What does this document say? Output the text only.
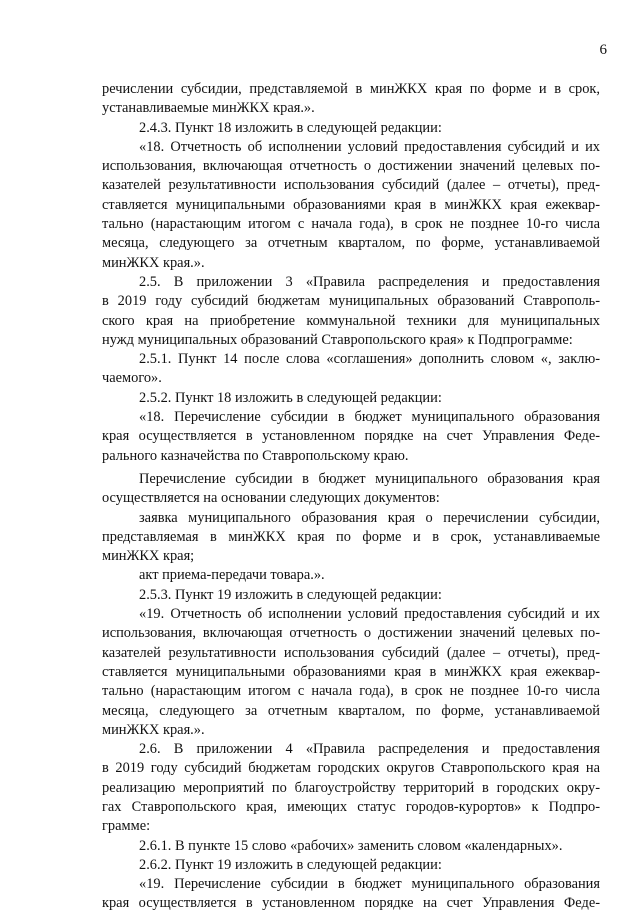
6
речислении субсидии, представляемой в минЖКХ края по форме и в срок,
устанавливаемые минЖКХ края.».
2.4.3. Пункт 18 изложить в следующей редакции:
«18. Отчетность об исполнении условий предоставления субсидий и их
использования, включающая отчетность о достижении значений целевых по-
казателей результативности использования субсидий (далее – отчеты), пред-
ставляется муниципальными образованиями края в минЖКХ края ежеквар-
тально (нарастающим итогом с начала года), в срок не позднее 10-го числа
месяца, следующего за отчетным кварталом, по форме, устанавливаемой
минЖКХ края.».
2.5. В приложении 3 «Правила распределения и предоставления
в 2019 году субсидий бюджетам муниципальных образований Ставрополь-
ского края на приобретение коммунальной техники для муниципальных
нужд муниципальных образований Ставропольского края» к Подпрограмме:
2.5.1. Пункт 14 после слова «соглашения» дополнить словом «, заклю-
чаемого».
2.5.2. Пункт 18 изложить в следующей редакции:
«18. Перечисление субсидии в бюджет муниципального образования
края осуществляется в установленном порядке на счет Управления Феде-
рального казначейства по Ставропольскому краю.
Перечисление субсидии в бюджет муниципального образования края
осуществляется на основании следующих документов:
заявка муниципального образования края о перечислении субсидии,
представляемая в минЖКХ края по форме и в срок, устанавливаемые
минЖКХ края;
акт приема-передачи товара.».
2.5.3. Пункт 19 изложить в следующей редакции:
«19. Отчетность об исполнении условий предоставления субсидий и их
использования, включающая отчетность о достижении значений целевых по-
казателей результативности использования субсидий (далее – отчеты), пред-
ставляется муниципальными образованиями края в минЖКХ края ежеквар-
тально (нарастающим итогом с начала года), в срок не позднее 10-го числа
месяца, следующего за отчетным кварталом, по форме, устанавливаемой
минЖКХ края.».
2.6. В приложении 4 «Правила распределения и предоставления
в 2019 году субсидий бюджетам городских округов Ставропольского края на
реализацию мероприятий по благоустройству территорий в городских окру-
гах Ставропольского края, имеющих статус городов-курортов» к Подпро-
грамме:
2.6.1. В пункте 15 слово «рабочих» заменить словом «календарных».
2.6.2. Пункт 19 изложить в следующей редакции:
«19. Перечисление субсидии в бюджет муниципального образования
края осуществляется в установленном порядке на счет Управления Феде-
